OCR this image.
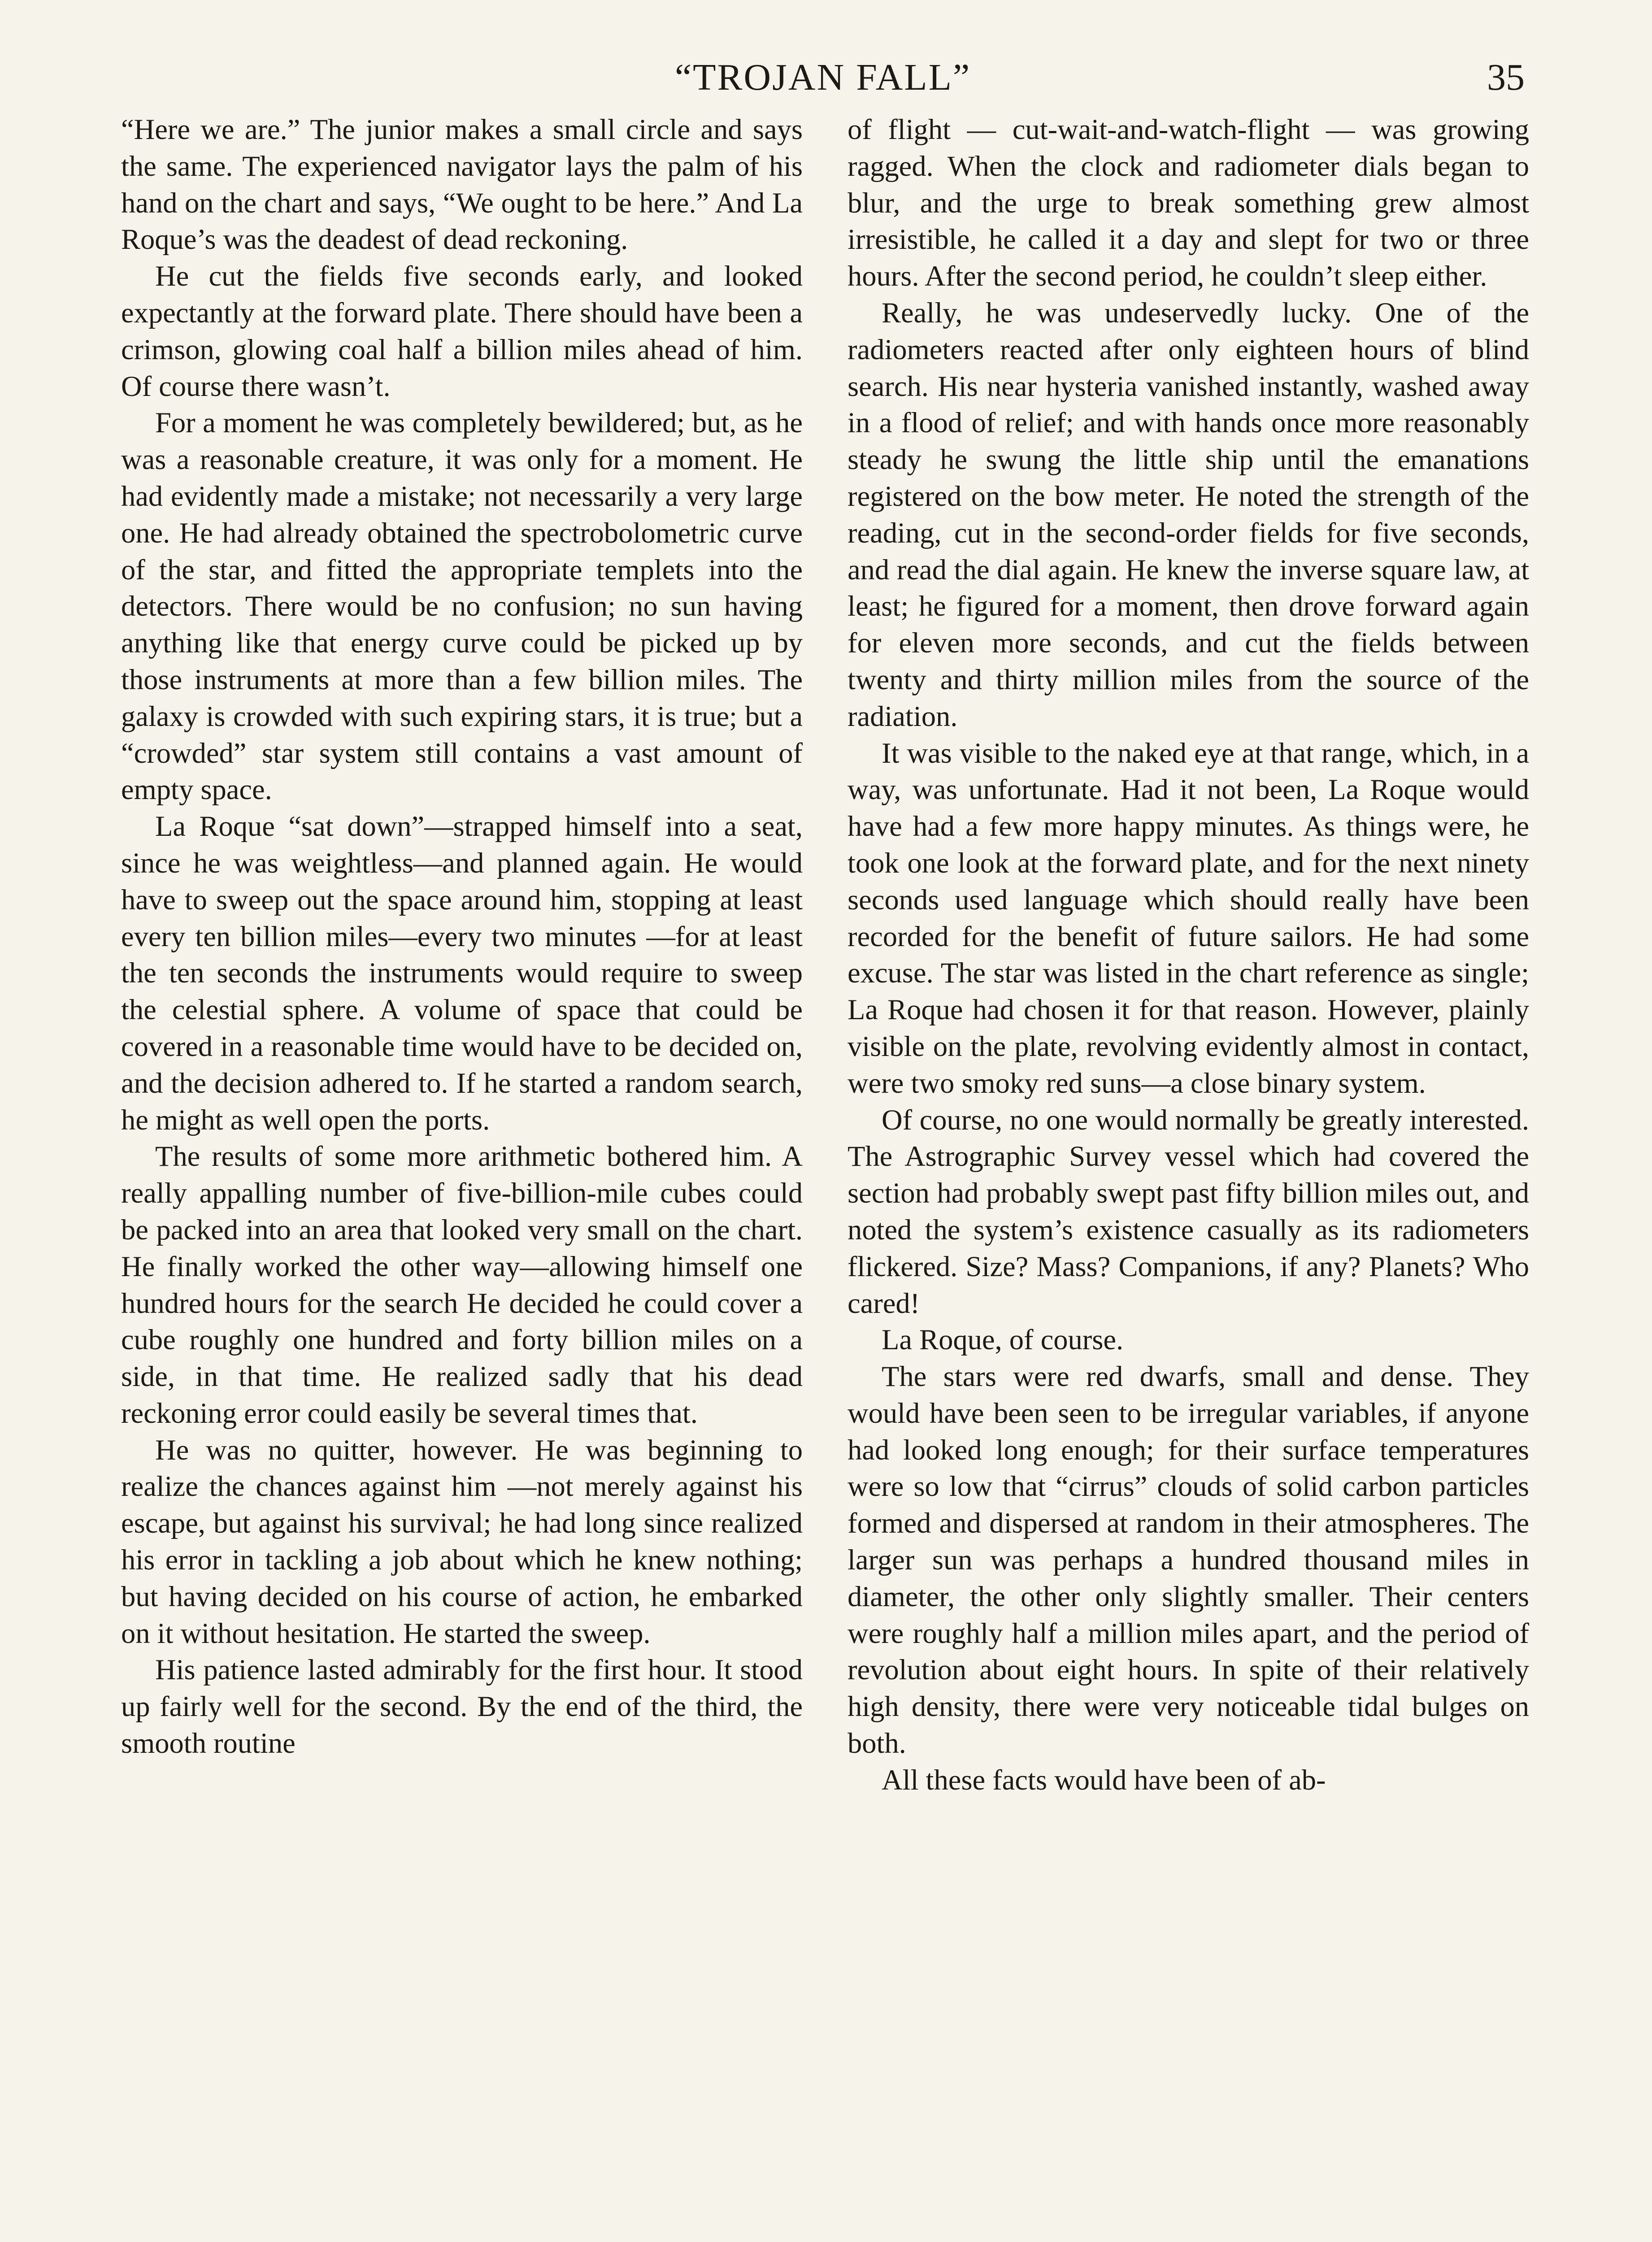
“TROJAN FALL”	35

“Here we are.” The junior makes a small circle and says the same. The experienced navigator lays the palm of his hand on the chart and says, “We ought to be here.” And La Roque’s was the deadest of dead reckoning.

He cut the fields five seconds early, and looked expectantly at the forward plate. There should have been a crimson, glowing coal half a billion miles ahead of him. Of course there wasn’t.

For a moment he was completely bewildered; but, as he was a reasonable creature, it was only for a moment. He had evidently made a mistake; not necessarily a very large one. He had already obtained the spectrobolometric curve of the star, and fitted the appropriate templets into the detectors. There would be no confusion; no sun having anything like that energy curve could be picked up by those instruments at more than a few billion miles. The galaxy is crowded with such expiring stars, it is true; but a “crowded” star system still contains a vast amount of empty space.

La Roque “sat down”—strapped himself into a seat, since he was weightless—and planned again. He would have to sweep out the space around him, stopping at least every ten billion miles—every two minutes —for at least the ten seconds the instruments would require to sweep the celestial sphere. A volume of space that could be covered in a reasonable time would have to be decided on, and the decision adhered to. If he started a random search, he might as well open the ports.

The results of some more arithmetic bothered him. A really appalling number of five-billion-mile cubes could be packed into an area that looked very small on the chart. He finally worked the other way—allowing himself one hundred hours for the search He decided he could cover a cube roughly one hundred and forty billion miles on a side, in that time. He realized sadly that his dead reckoning error could easily be several times that.

He was no quitter, however. He was beginning to realize the chances against him —not merely against his escape, but against his survival; he had long since realized his error in tackling a job about which he knew nothing; but having decided on his course of action, he embarked on it without hesitation. He started the sweep.

His patience lasted admirably for the first hour. It stood up fairly well for the second. By the end of the third, the smooth routine

of flight — cut-wait-and-watch-flight — was growing ragged. When the clock and radiometer dials began to blur, and the urge to break something grew almost irresistible, he called it a day and slept for two or three hours. After the second period, he couldn’t sleep either.

Really, he was undeservedly lucky. One of the radiometers reacted after only eighteen hours of blind search. His near hysteria vanished instantly, washed away in a flood of relief; and with hands once more reasonably steady he swung the little ship until the emanations registered on the bow meter. He noted the strength of the reading, cut in the second-order fields for five seconds, and read the dial again. He knew the inverse square law, at least; he figured for a moment, then drove forward again for eleven more seconds, and cut the fields between twenty and thirty million miles from the source of the radiation.

It was visible to the naked eye at that range, which, in a way, was unfortunate. Had it not been, La Roque would have had a few more happy minutes. As things were, he took one look at the forward plate, and for the next ninety seconds used language which should really have been recorded for the benefit of future sailors. He had some excuse. The star was listed in the chart reference as single; La Roque had chosen it for that reason. However, plainly visible on the plate, revolving evidently almost in contact, were two smoky red suns—a close binary system.

Of course, no one would normally be greatly interested. The Astrographic Survey vessel which had covered the section had probably swept past fifty billion miles out, and noted the system’s existence casually as its radiometers flickered. Size? Mass? Companions, if any? Planets? Who cared!

La Roque, of course.

The stars were red dwarfs, small and dense. They would have been seen to be irregular variables, if anyone had looked long enough; for their surface temperatures were so low that “cirrus” clouds of solid carbon particles formed and dispersed at random in their atmospheres. The larger sun was perhaps a hundred thousand miles in diameter, the other only slightly smaller. Their centers were roughly half a million miles apart, and the period of revolution about eight hours. In spite of their relatively high density, there were very noticeable tidal bulges on both.

All these facts would have been of ab-
